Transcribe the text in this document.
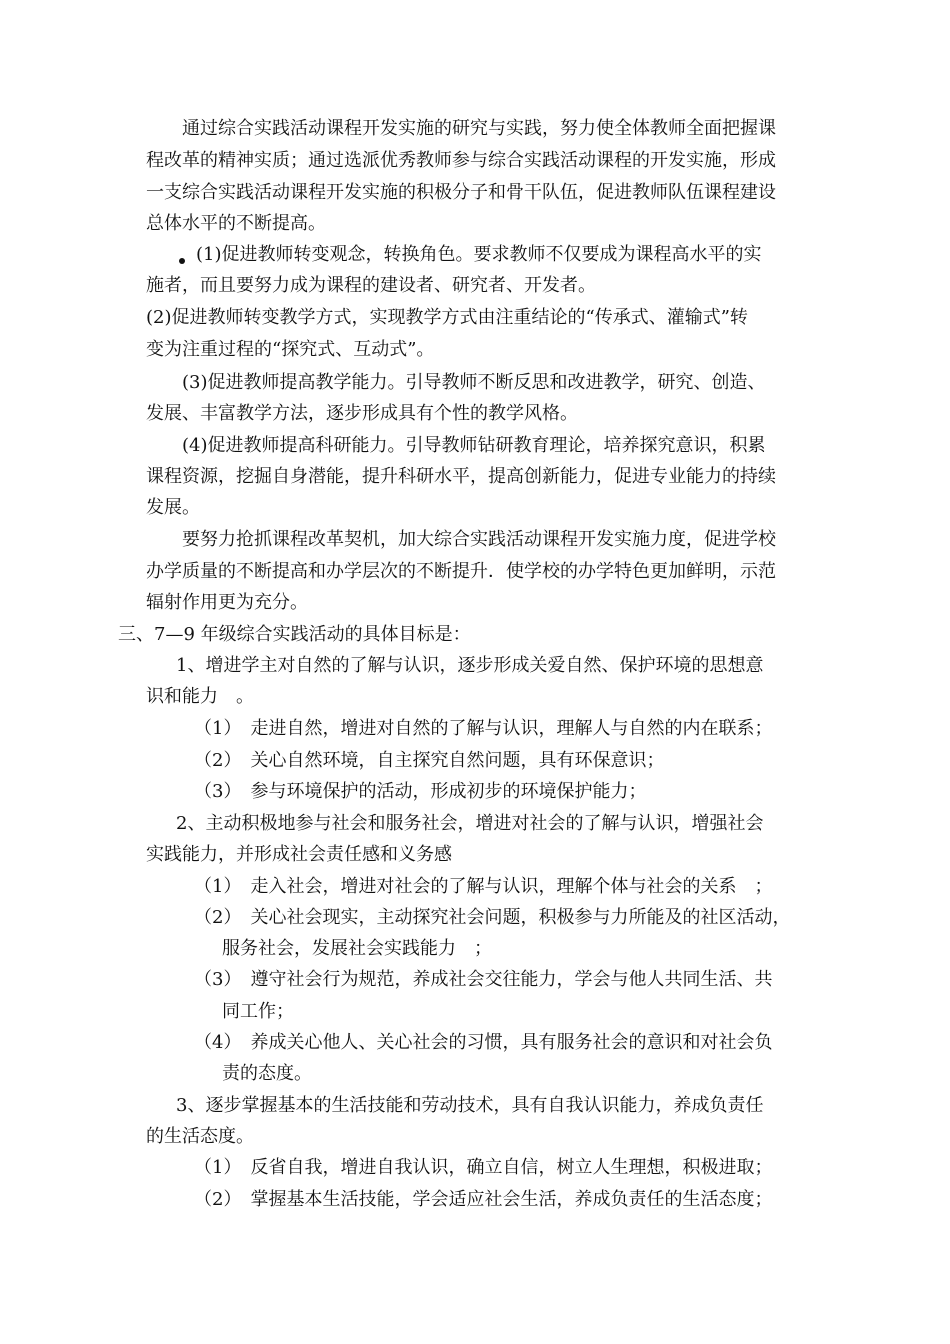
通过综合实践活动课程开发实施的研究与实践，努力使全体教师全面把握课
程改革的精神实质；通过选派优秀教师参与综合实践活动课程的开发实施，形成
一支综合实践活动课程开发实施的积极分子和骨干队伍，促进教师队伍课程建设
总体水平的不断提高。
(1)促进教师转变观念，转换角色。要求教师不仅要成为课程高水平的实
施者，而且要努力成为课程的建设者、研究者、开发者。
(2)促进教师转变教学方式，实现教学方式由注重结论的“传承式、灌输式”转
变为注重过程的“探究式、互动式”。
(3)促进教师提高教学能力。引导教师不断反思和改进教学，研究、创造、
发展、丰富教学方法，逐步形成具有个性的教学风格。
(4)促进教师提高科研能力。引导教师钻研教育理论，培养探究意识，积累
课程资源，挖掘自身潜能，提升科研水平，提高创新能力，促进专业能力的持续
发展。
要努力抢抓课程改革契机，加大综合实践活动课程开发实施力度，促进学校
办学质量的不断提高和办学层次的不断提升．使学校的办学特色更加鲜明，示范
辐射作用更为充分。
三、7—9 年级综合实践活动的具体目标是：
1、增进学主对自然的了解与认识，逐步形成关爱自然、保护环境的思想意
识和能力　。
（1）　走进自然，增进对自然的了解与认识，理解人与自然的内在联系；
（2）　关心自然环境，自主探究自然问题，具有环保意识；
（3）　参与环境保护的活动，形成初步的环境保护能力；
2、主动积极地参与社会和服务社会，增进对社会的了解与认识，增强社会
实践能力，并形成社会责任感和义务感
（1）　走入社会，增进对社会的了解与认识，理解个体与社会的关系　；
（2）　关心社会现实，主动探究社会问题，积极参与力所能及的社区活动，
服务社会，发展社会实践能力　；
（3）　遵守社会行为规范，养成社会交往能力，学会与他人共同生活、共
同工作；
（4）　养成关心他人、关心社会的习惯，具有服务社会的意识和对社会负
责的态度。
3、逐步掌握基本的生活技能和劳动技术，具有自我认识能力，养成负责任
的生活态度。
（1）　反省自我，增进自我认识，确立自信，树立人生理想，积极进取；
（2）　掌握基本生活技能，学会适应社会生活，养成负责任的生活态度；
